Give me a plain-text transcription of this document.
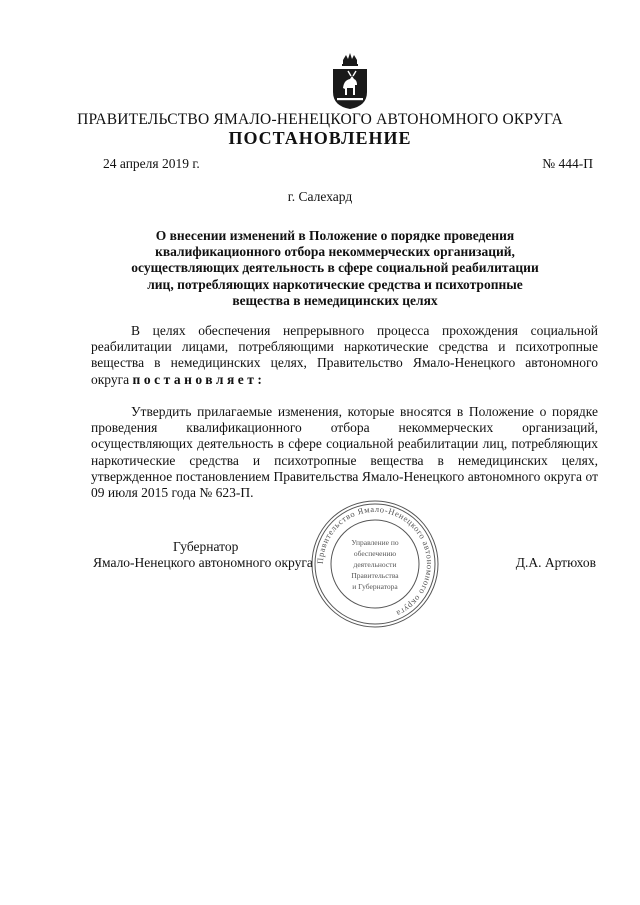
ПРАВИТЕЛЬСТВО ЯМАЛО-НЕНЕЦКОГО АВТОНОМНОГО ОКРУГА
ПОСТАНОВЛЕНИЕ
24 апреля 2019 г.	№ 444-П
г. Салехард
О внесении изменений в Положение о порядке проведения
квалификационного отбора некоммерческих организаций,
осуществляющих деятельность в сфере социальной реабилитации
лиц, потребляющих наркотические средства и психотропные
вещества в немедицинских целях
В целях обеспечения непрерывного процесса прохождения социальной реабилитации лицами, потребляющими наркотические средства и психотропные вещества в немедицинских целях, Правительство Ямало-Ненецкого автономного округа постановляет:
Утвердить прилагаемые изменения, которые вносятся в Положение о порядке проведения квалификационного отбора некоммерческих организаций, осуществляющих деятельность в сфере социальной реабилитации лиц, потребляющих наркотические средства и психотропные вещества в немедицинских целях, утвержденное постановлением Правительства Ямало-Ненецкого автономного округа от 09 июля 2015 года № 623-П.
Губернатор
Ямало-Ненецкого автономного округа	Д.А. Артюхов
Правительство Ямало-Ненецкого автономного округа
Управление по
обеспечению
деятельности
Правительства
и Губернатора
